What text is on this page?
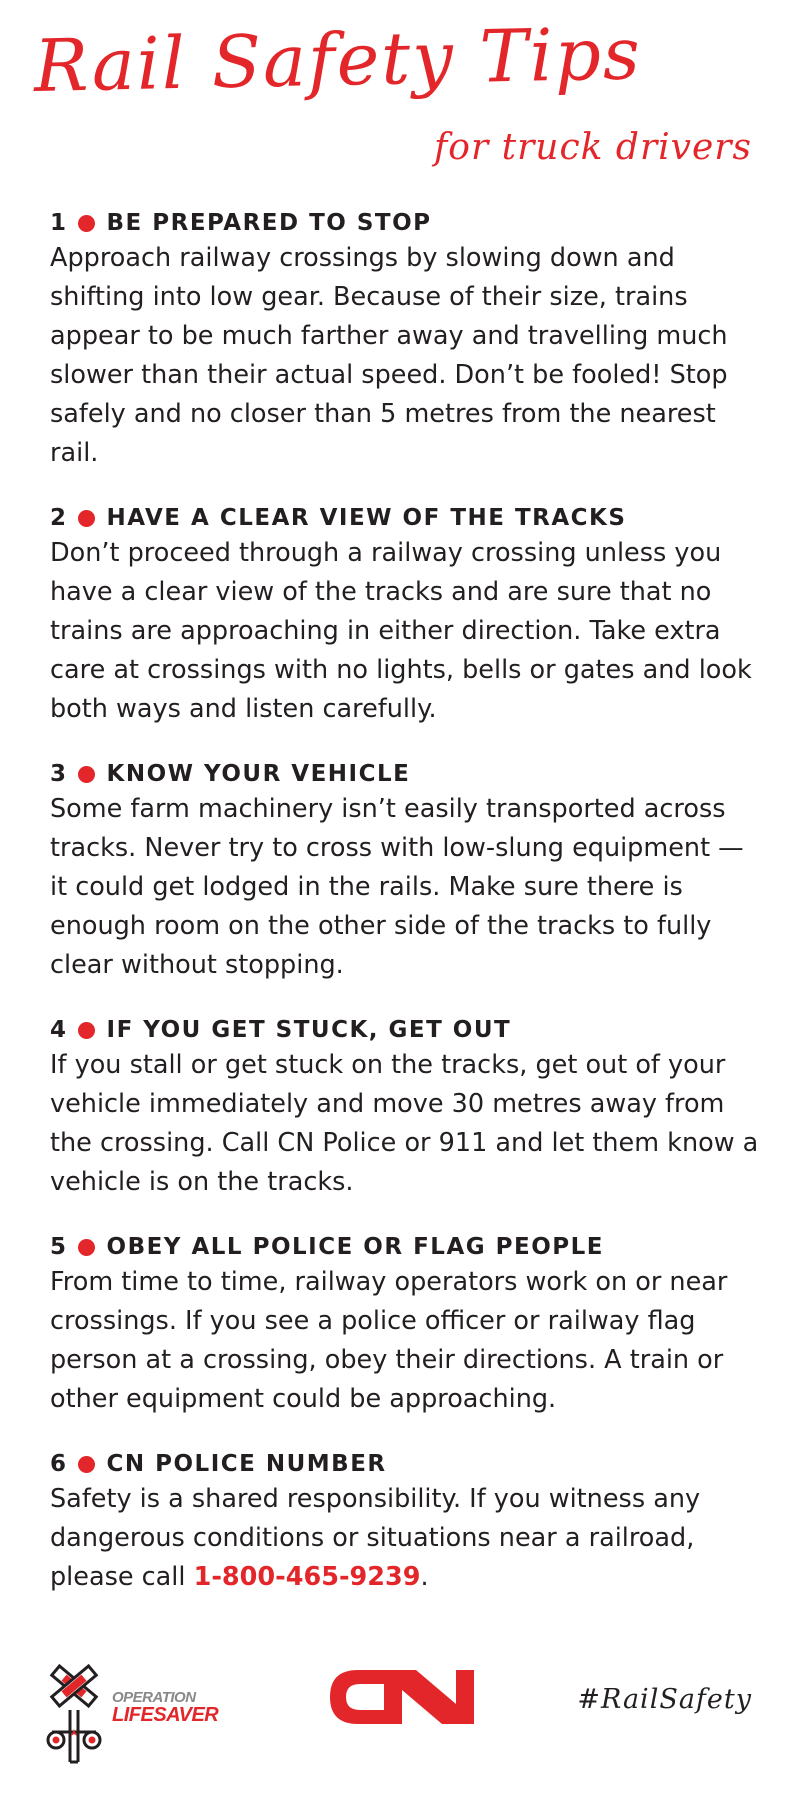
Rail Safety Tips
for truck drivers
1 BE PREPARED TO STOP
Approach railway crossings by slowing down and shifting into low gear. Because of their size, trains appear to be much farther away and travelling much slower than their actual speed. Don’t be fooled! Stop safely and no closer than 5 metres from the nearest rail.
2 HAVE A CLEAR VIEW OF THE TRACKS
Don’t proceed through a railway crossing unless you have a clear view of the tracks and are sure that no trains are approaching in either direction. Take extra care at crossings with no lights, bells or gates and look both ways and listen carefully.
3 KNOW YOUR VEHICLE
Some farm machinery isn’t easily transported across tracks. Never try to cross with low-slung equipment — it could get lodged in the rails. Make sure there is enough room on the other side of the tracks to fully clear without stopping.
4 IF YOU GET STUCK, GET OUT
If you stall or get stuck on the tracks, get out of your vehicle immediately and move 30 metres away from the crossing. Call CN Police or 911 and let them know a vehicle is on the tracks.
5 OBEY ALL POLICE OR FLAG PEOPLE
From time to time, railway operators work on or near crossings. If you see a police officer or railway flag person at a crossing, obey their directions. A train or other equipment could be approaching.
6 CN POLICE NUMBER
Safety is a shared responsibility. If you witness any dangerous conditions or situations near a railroad, please call 1-800-465-9239.
OPERATION
LIFESAVER	#RailSafety
